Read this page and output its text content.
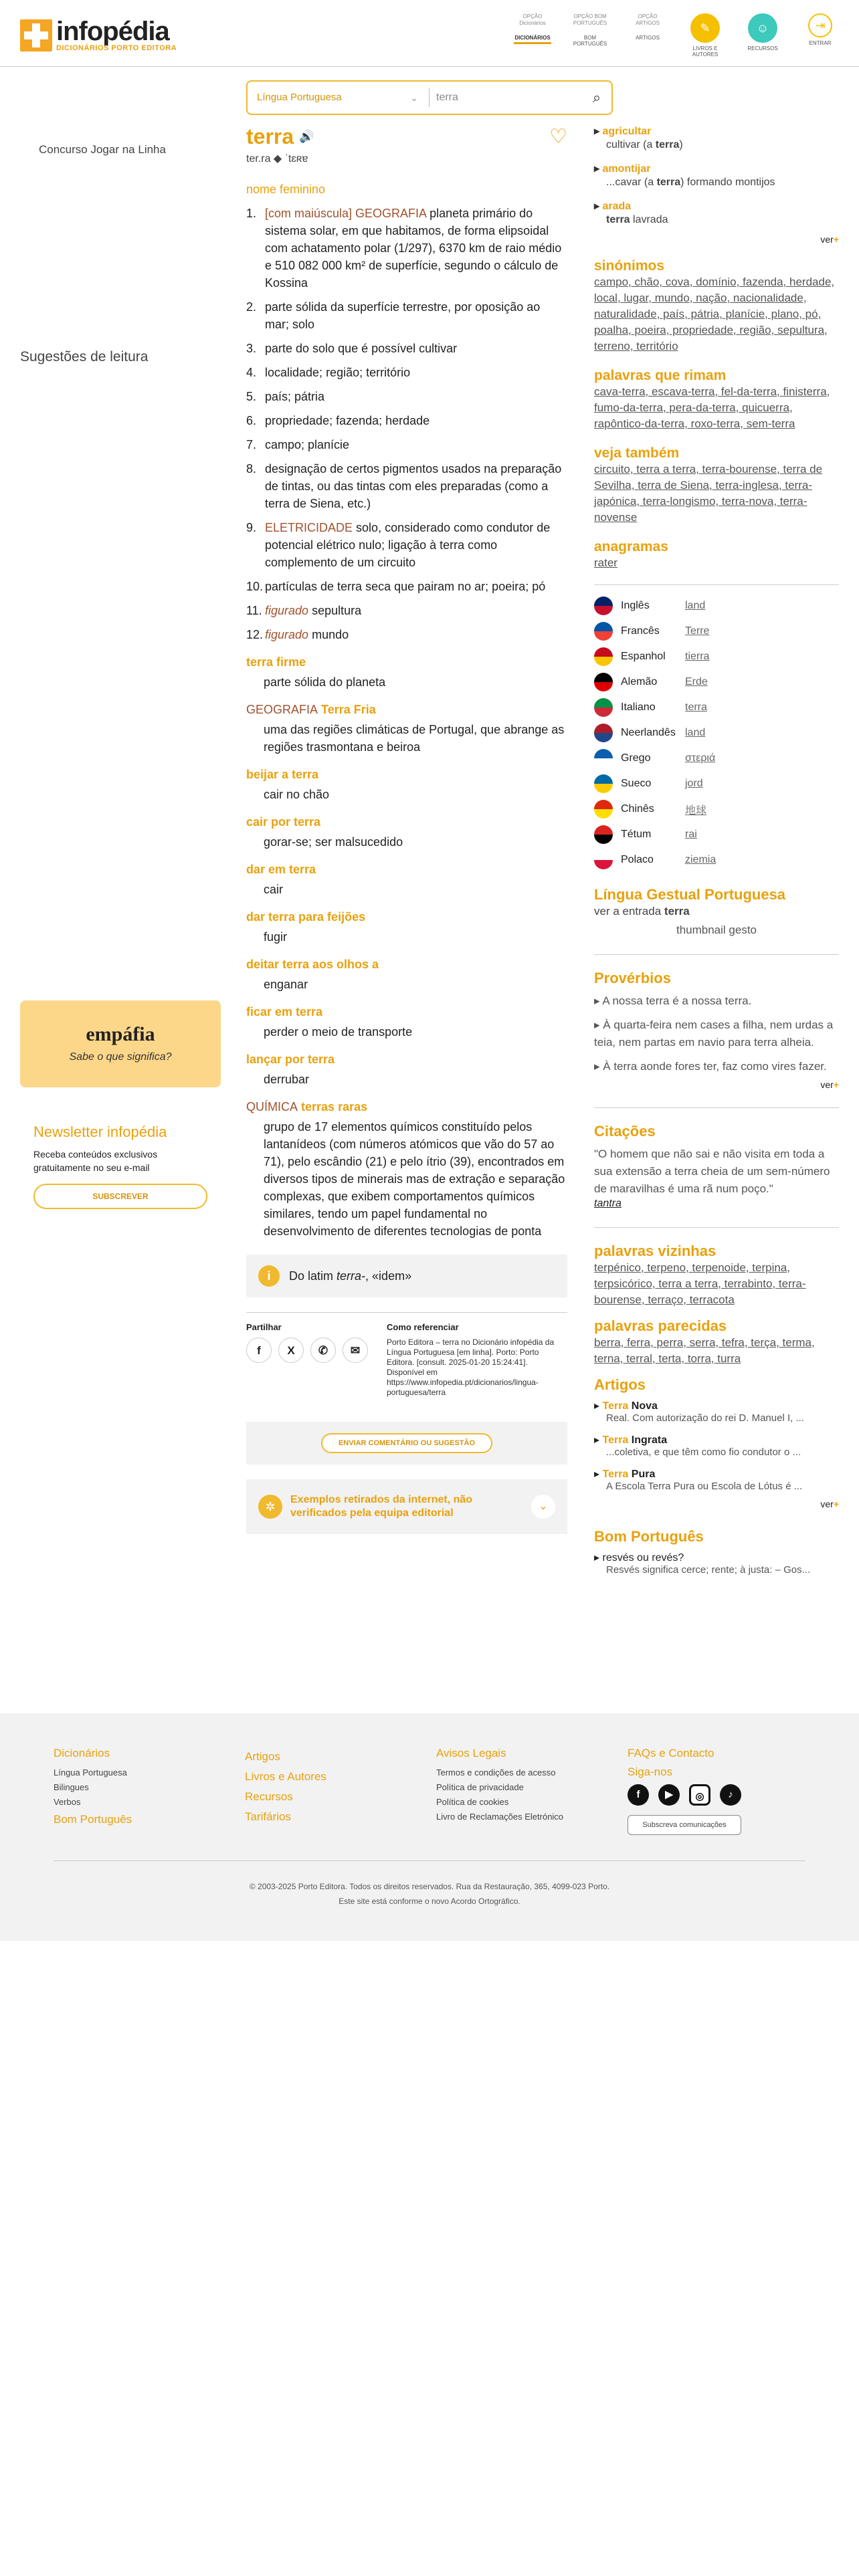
infopédia
DICIONÁRIOS PORTO EDITORA
OPÇÃO Dicionários
DICIONÁRIOS
OPÇÃO BOM PORTUGUÊS
BOM PORTUGUÊS
OPÇÃO ARTIGOS
ARTIGOS
✎
LIVROS E AUTORES
☺
RECURSOS
⇥
ENTRAR
Língua Portuguesa	⌄
terra	⌕
Concurso Jogar na Linha
Sugestões de leitura
terra 🔊	♡
ter.ra ◆ ˈtɛʀɐ
nome feminino
1. [com maiúscula] GEOGRAFIA planeta primário do sistema solar, em que habitamos, de forma elipsoidal com achatamento polar (1/297), 6370 km de raio médio e 510 082 000 km² de superfície, segundo o cálculo de Kossina
2. parte sólida da superfície terrestre, por oposição ao mar; solo
3. parte do solo que é possível cultivar
4. localidade; região; território
5. país; pátria
6. propriedade; fazenda; herdade
7. campo; planície
8. designação de certos pigmentos usados na preparação de tintas, ou das tintas com eles preparadas (como a terra de Siena, etc.)
9. ELETRICIDADE solo, considerado como condutor de potencial elétrico nulo; ligação à terra como complemento de um circuito
10. partículas de terra seca que pairam no ar; poeira; pó
11. figurado sepultura
12. figurado mundo
terra firme

parte sólida do planeta

GEOGRAFIA Terra Fria

uma das regiões climáticas de Portugal, que abrange as regiões trasmontana e beiroa

beijar a terra

cair no chão

cair por terra

gorar-se; ser malsucedido

dar em terra

cair

dar terra para feijões

fugir

deitar terra aos olhos a

enganar

ficar em terra

perder o meio de transporte

lançar por terra

derrubar

QUÍMICA terras raras

grupo de 17 elementos químicos constituído pelos lantanídeos (com números atómicos que vão do 57 ao 71), pelo escândio (21) e pelo ítrio (39), encontrados em diversos tipos de minerais mas de extração e separação complexas, que exibem comportamentos químicos similares, tendo um papel fundamental no desenvolvimento de diferentes tecnologias de ponta

i	Do latim terra-, «idem»
Partilhar
f	X	✆	✉
Como referenciar
Porto Editora – terra no Dicionário infopédia da Língua Portuguesa [em linha]. Porto: Porto Editora. [consult. 2025-01-20 15:24:41]. Disponível em https://www.infopedia.pt/dicionarios/lingua-portuguesa/terra
ENVIAR COMENTÁRIO OU SUGESTÃO
✲
Exemplos retirados da internet, não verificados pela equipa editorial
⌄
empáfia
Sabe o que significa?
Newsletter infopédia

Receba conteúdos exclusivos gratuitamente no seu e-mail

SUBSCREVER
▸ agricultar
cultivar (a terra)
▸ amontijar
...cavar (a terra) formando montijos
▸ arada
terra lavrada
ver +
sinónimos
campo, chão, cova, domínio, fazenda, herdade, local, lugar, mundo, nação, nacionalidade, naturalidade, país, pátria, planície, plano, pó, poalha, poeira, propriedade, região, sepultura, terreno, território
palavras que rimam
cava-terra, escava-terra, fel-da-terra, finisterra, fumo-da-terra, pera-da-terra, quicuerra, rapôntico-da-terra, roxo-terra, sem-terra
veja também
circuito, terra a terra, terra-bourense, terra de Sevilha, terra de Siena, terra-inglesa, terra-japónica, terra-longismo, terra-nova, terra-novense
anagramas
rater
Inglês	land
Francês	Terre
Espanhol	tierra
Alemão	Erde
Italiano	terra
Neerlandês land
Grego	στεριά
Sueco	jord
Chinês	地球
Tétum	rai
Polaco	ziemia
Língua Gestual Portuguesa

ver a entrada terra

thumbnail gesto
Provérbios
▸ A nossa terra é a nossa terra.
▸ À quarta-feira nem cases a filha, nem urdas a teia, nem partas em navio para terra alheia.
▸ À terra aonde fores ter, faz como vires fazer.
ver +
Citações
"O homem que não sai e não visita em toda a sua extensão a terra cheia de um sem-número de maravilhas é uma rã num poço."
tantra
palavras vizinhas
terpénico, terpeno, terpenoide, terpina, terpsicórico, terra a terra, terrabinto, terra-bourense, terraço, terracota
palavras parecidas
berra, ferra, perra, serra, tefra, terça, terma, terna, terral, terta, torra, turra
Artigos
▸ Terra Nova
Real. Com autorização do rei D. Manuel I, ...
▸ Terra Ingrata
...coletiva, e que têm como fio condutor o ...
▸ Terra Pura
A Escola Terra Pura ou Escola de Lótus é ...
ver +
Bom Português
▸ resvés ou revés?
Resvés significa cerce; rente; à justa: – Gos...
Dicionários
Língua Portuguesa
Bilingues
Verbos
Bom Português
Artigos
Livros e Autores
Recursos
Tarifários
Avisos Legais
Termos e condições de acesso
Política de privacidade
Política de cookies
Livro de Reclamações Eletrónico
FAQs e Contacto
Siga-nos
f	▶	◎	♪
Subscreva comunicações
© 2003-2025 Porto Editora. Todos os direitos reservados. Rua da Restauração, 365, 4099-023 Porto.
Este site está conforme o novo Acordo Ortográfico.
